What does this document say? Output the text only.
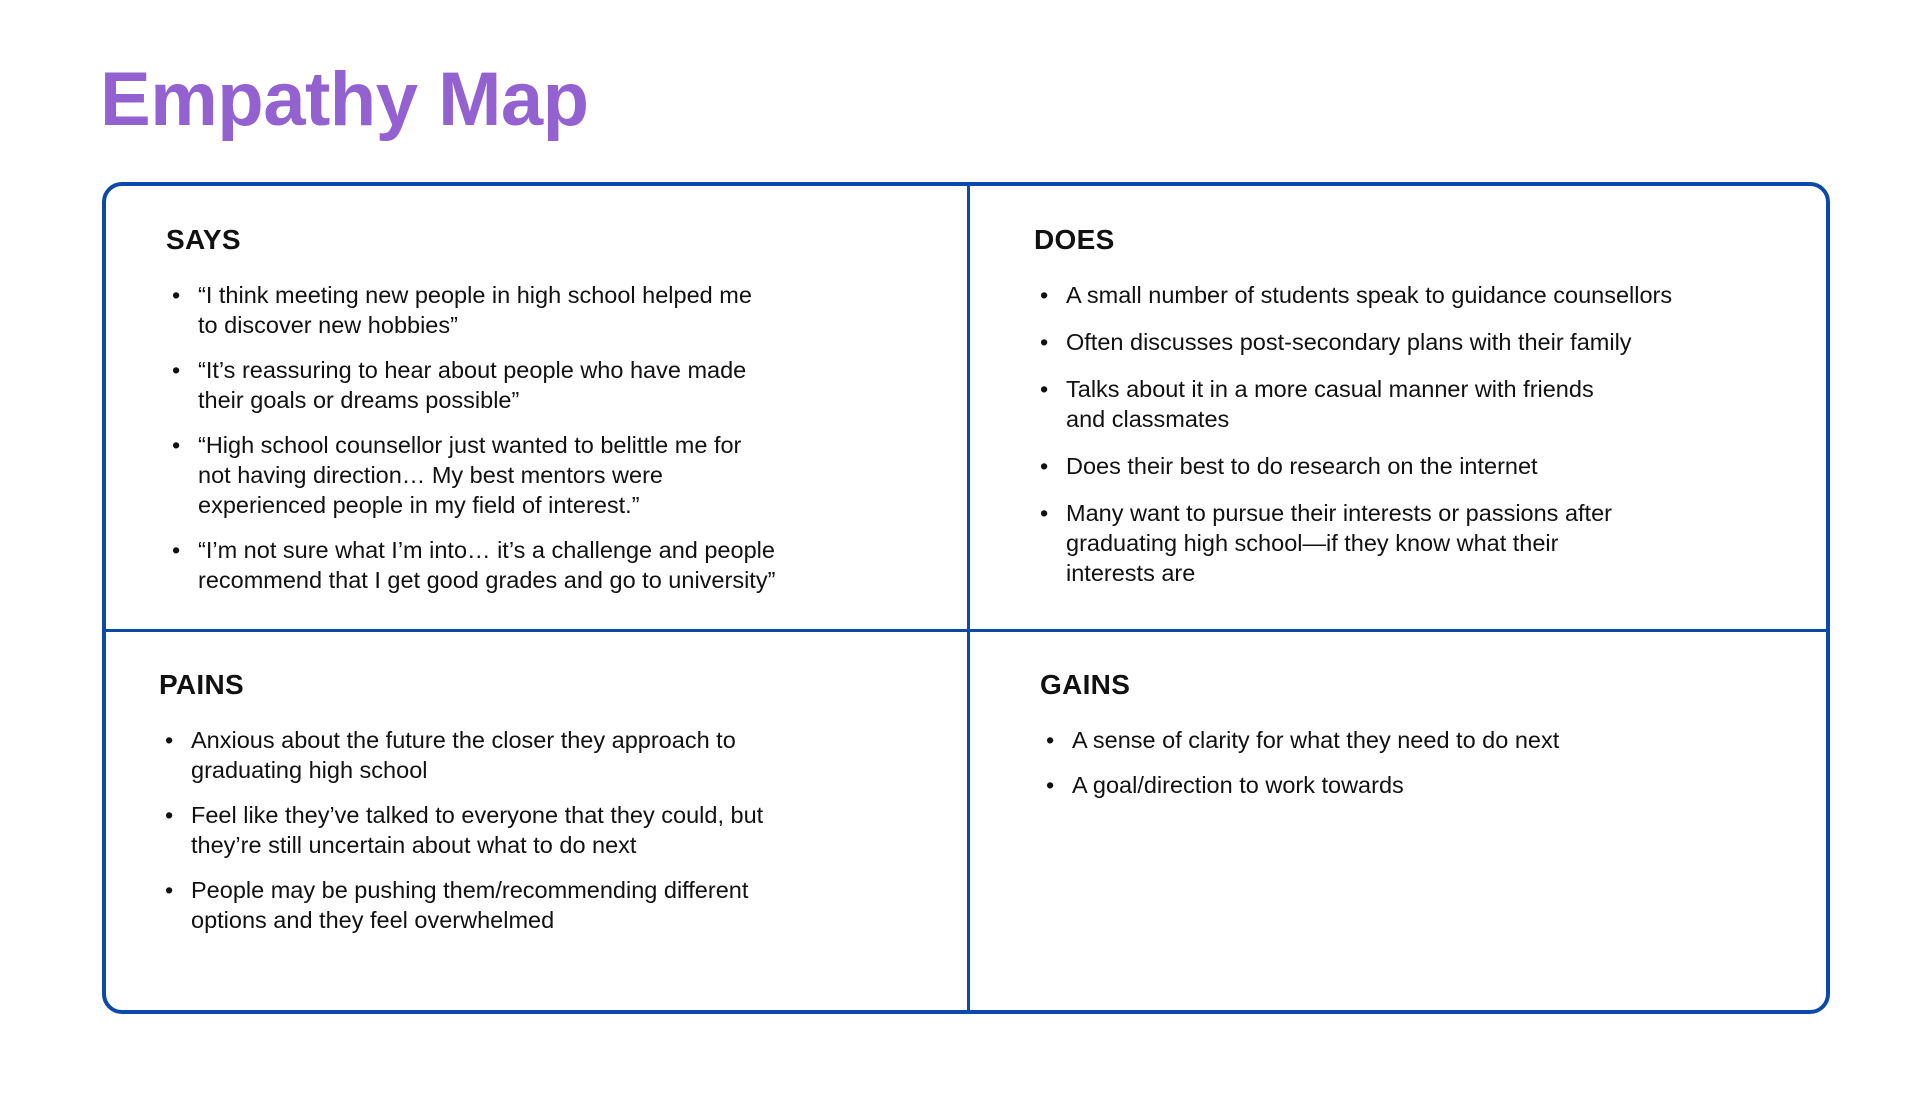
Empathy Map
SAYS
• “I think meeting new people in high school helped me
to discover new hobbies”
• “It’s reassuring to hear about people who have made
their goals or dreams possible”
• “High school counsellor just wanted to belittle me for
not having direction… My best mentors were
experienced people in my field of interest.”
• “I’m not sure what I’m into… it’s a challenge and people
recommend that I get good grades and go to university”
DOES
• A small number of students speak to guidance counsellors
• Often discusses post-secondary plans with their family
• Talks about it in a more casual manner with friends
and classmates
• Does their best to do research on the internet
• Many want to pursue their interests or passions after
graduating high school—if they know what their
interests are
PAINS
• Anxious about the future the closer they approach to
graduating high school
• Feel like they’ve talked to everyone that they could, but
they’re still uncertain about what to do next
• People may be pushing them/recommending different
options and they feel overwhelmed
GAINS
• A sense of clarity for what they need to do next
• A goal/direction to work towards
